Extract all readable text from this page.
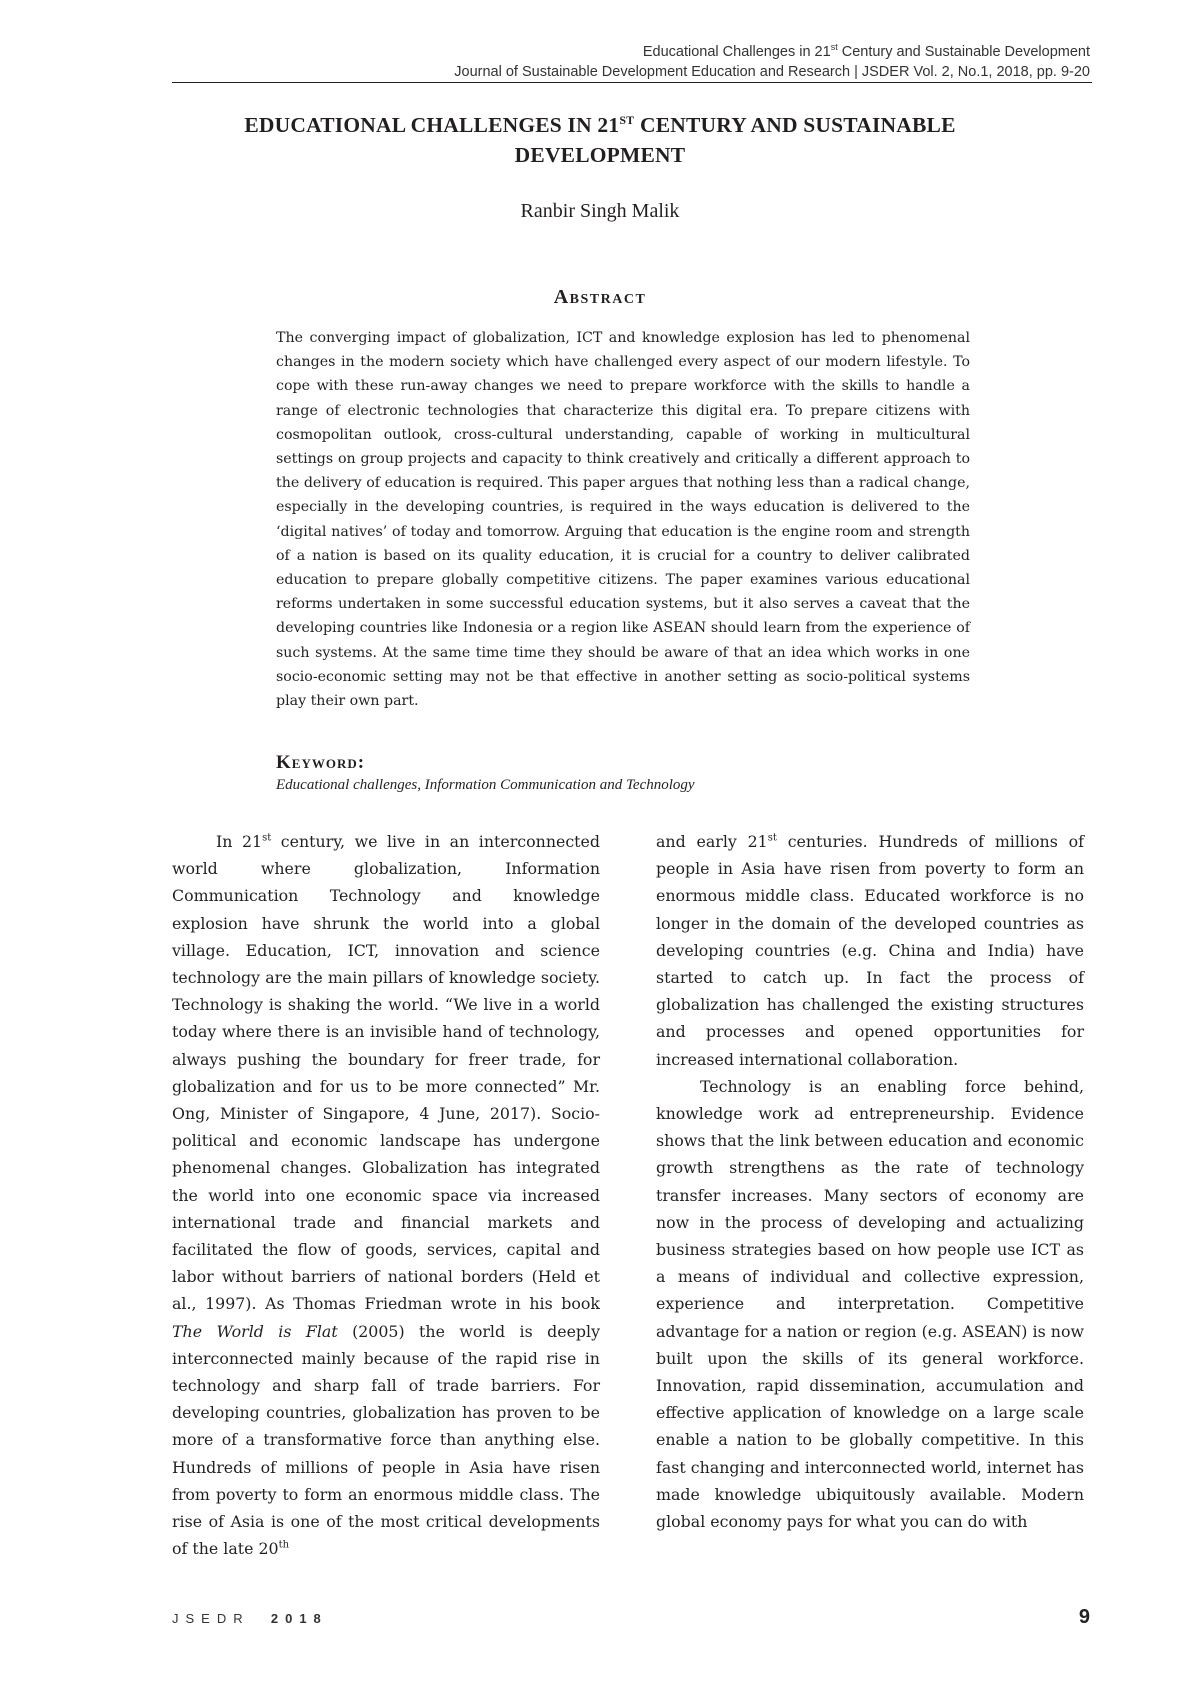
Educational Challenges in 21st Century and Sustainable Development
Journal of Sustainable Development Education and Research | JSDER Vol. 2, No.1, 2018, pp. 9-20
EDUCATIONAL CHALLENGES IN 21ST CENTURY AND SUSTAINABLE DEVELOPMENT
Ranbir Singh Malik
Abstract

The converging impact of globalization, ICT and knowledge explosion has led to phenomenal changes in the modern society which have challenged every aspect of our modern lifestyle. To cope with these run-away changes we need to prepare workforce with the skills to handle a range of electronic technologies that characterize this digital era. To prepare citizens with cosmopolitan outlook, cross-cultural understanding, capable of working in multicultural settings on group projects and capacity to think creatively and critically a different approach to the delivery of education is required. This paper argues that nothing less than a radical change, especially in the developing countries, is required in the ways education is delivered to the ‘digital natives’ of today and tomorrow. Arguing that education is the engine room and strength of a nation is based on its quality education, it is crucial for a country to deliver calibrated education to prepare globally competitive citizens. The paper examines various educational reforms undertaken in some successful education systems, but it also serves a caveat that the developing countries like Indonesia or a region like ASEAN should learn from the experience of such systems. At the same time time they should be aware of that an idea which works in one socio-economic setting may not be that effective in another setting as socio-political systems play their own part.

Keyword:
Educational challenges, Information Communication and Technology

In 21st century, we live in an interconnected world where globalization, Information Communication Technology and knowledge explosion have shrunk the world into a global village. Education, ICT, innovation and science technology are the main pillars of knowledge society. Technology is shaking the world. “We live in a world today where there is an invisible hand of technology, always pushing the boundary for freer trade, for globalization and for us to be more connected” Mr. Ong, Minister of Singapore, 4 June, 2017). Socio-political and economic landscape has undergone phenomenal changes. Globalization has integrated the world into one economic space via increased international trade and financial markets and facilitated the flow of goods, services, capital and labor without barriers of national borders (Held et al., 1997). As Thomas Friedman wrote in his book The World is Flat (2005) the world is deeply interconnected mainly because of the rapid rise in technology and sharp fall of trade barriers. For developing countries, globalization has proven to be more of a transformative force than anything else. Hundreds of millions of people in Asia have risen from poverty to form an enormous middle class. The rise of Asia is one of the most critical developments of the late 20th

and early 21st centuries. Hundreds of millions of people in Asia have risen from poverty to form an enormous middle class. Educated workforce is no longer in the domain of the developed countries as developing countries (e.g. China and India) have started to catch up. In fact the process of globalization has challenged the existing structures and processes and opened opportunities for increased international collaboration.

Technology is an enabling force behind, knowledge work ad entrepreneurship. Evidence shows that the link between education and economic growth strengthens as the rate of technology transfer increases. Many sectors of economy are now in the process of developing and actualizing business strategies based on how people use ICT as a means of individual and collective expression, experience and interpretation. Competitive advantage for a nation or region (e.g. ASEAN) is now built upon the skills of its general workforce. Innovation, rapid dissemination, accumulation and effective application of knowledge on a large scale enable a nation to be globally competitive. In this fast changing and interconnected world, internet has made knowledge ubiquitously available. Modern global economy pays for what you can do with

JSEDR 2018	9
